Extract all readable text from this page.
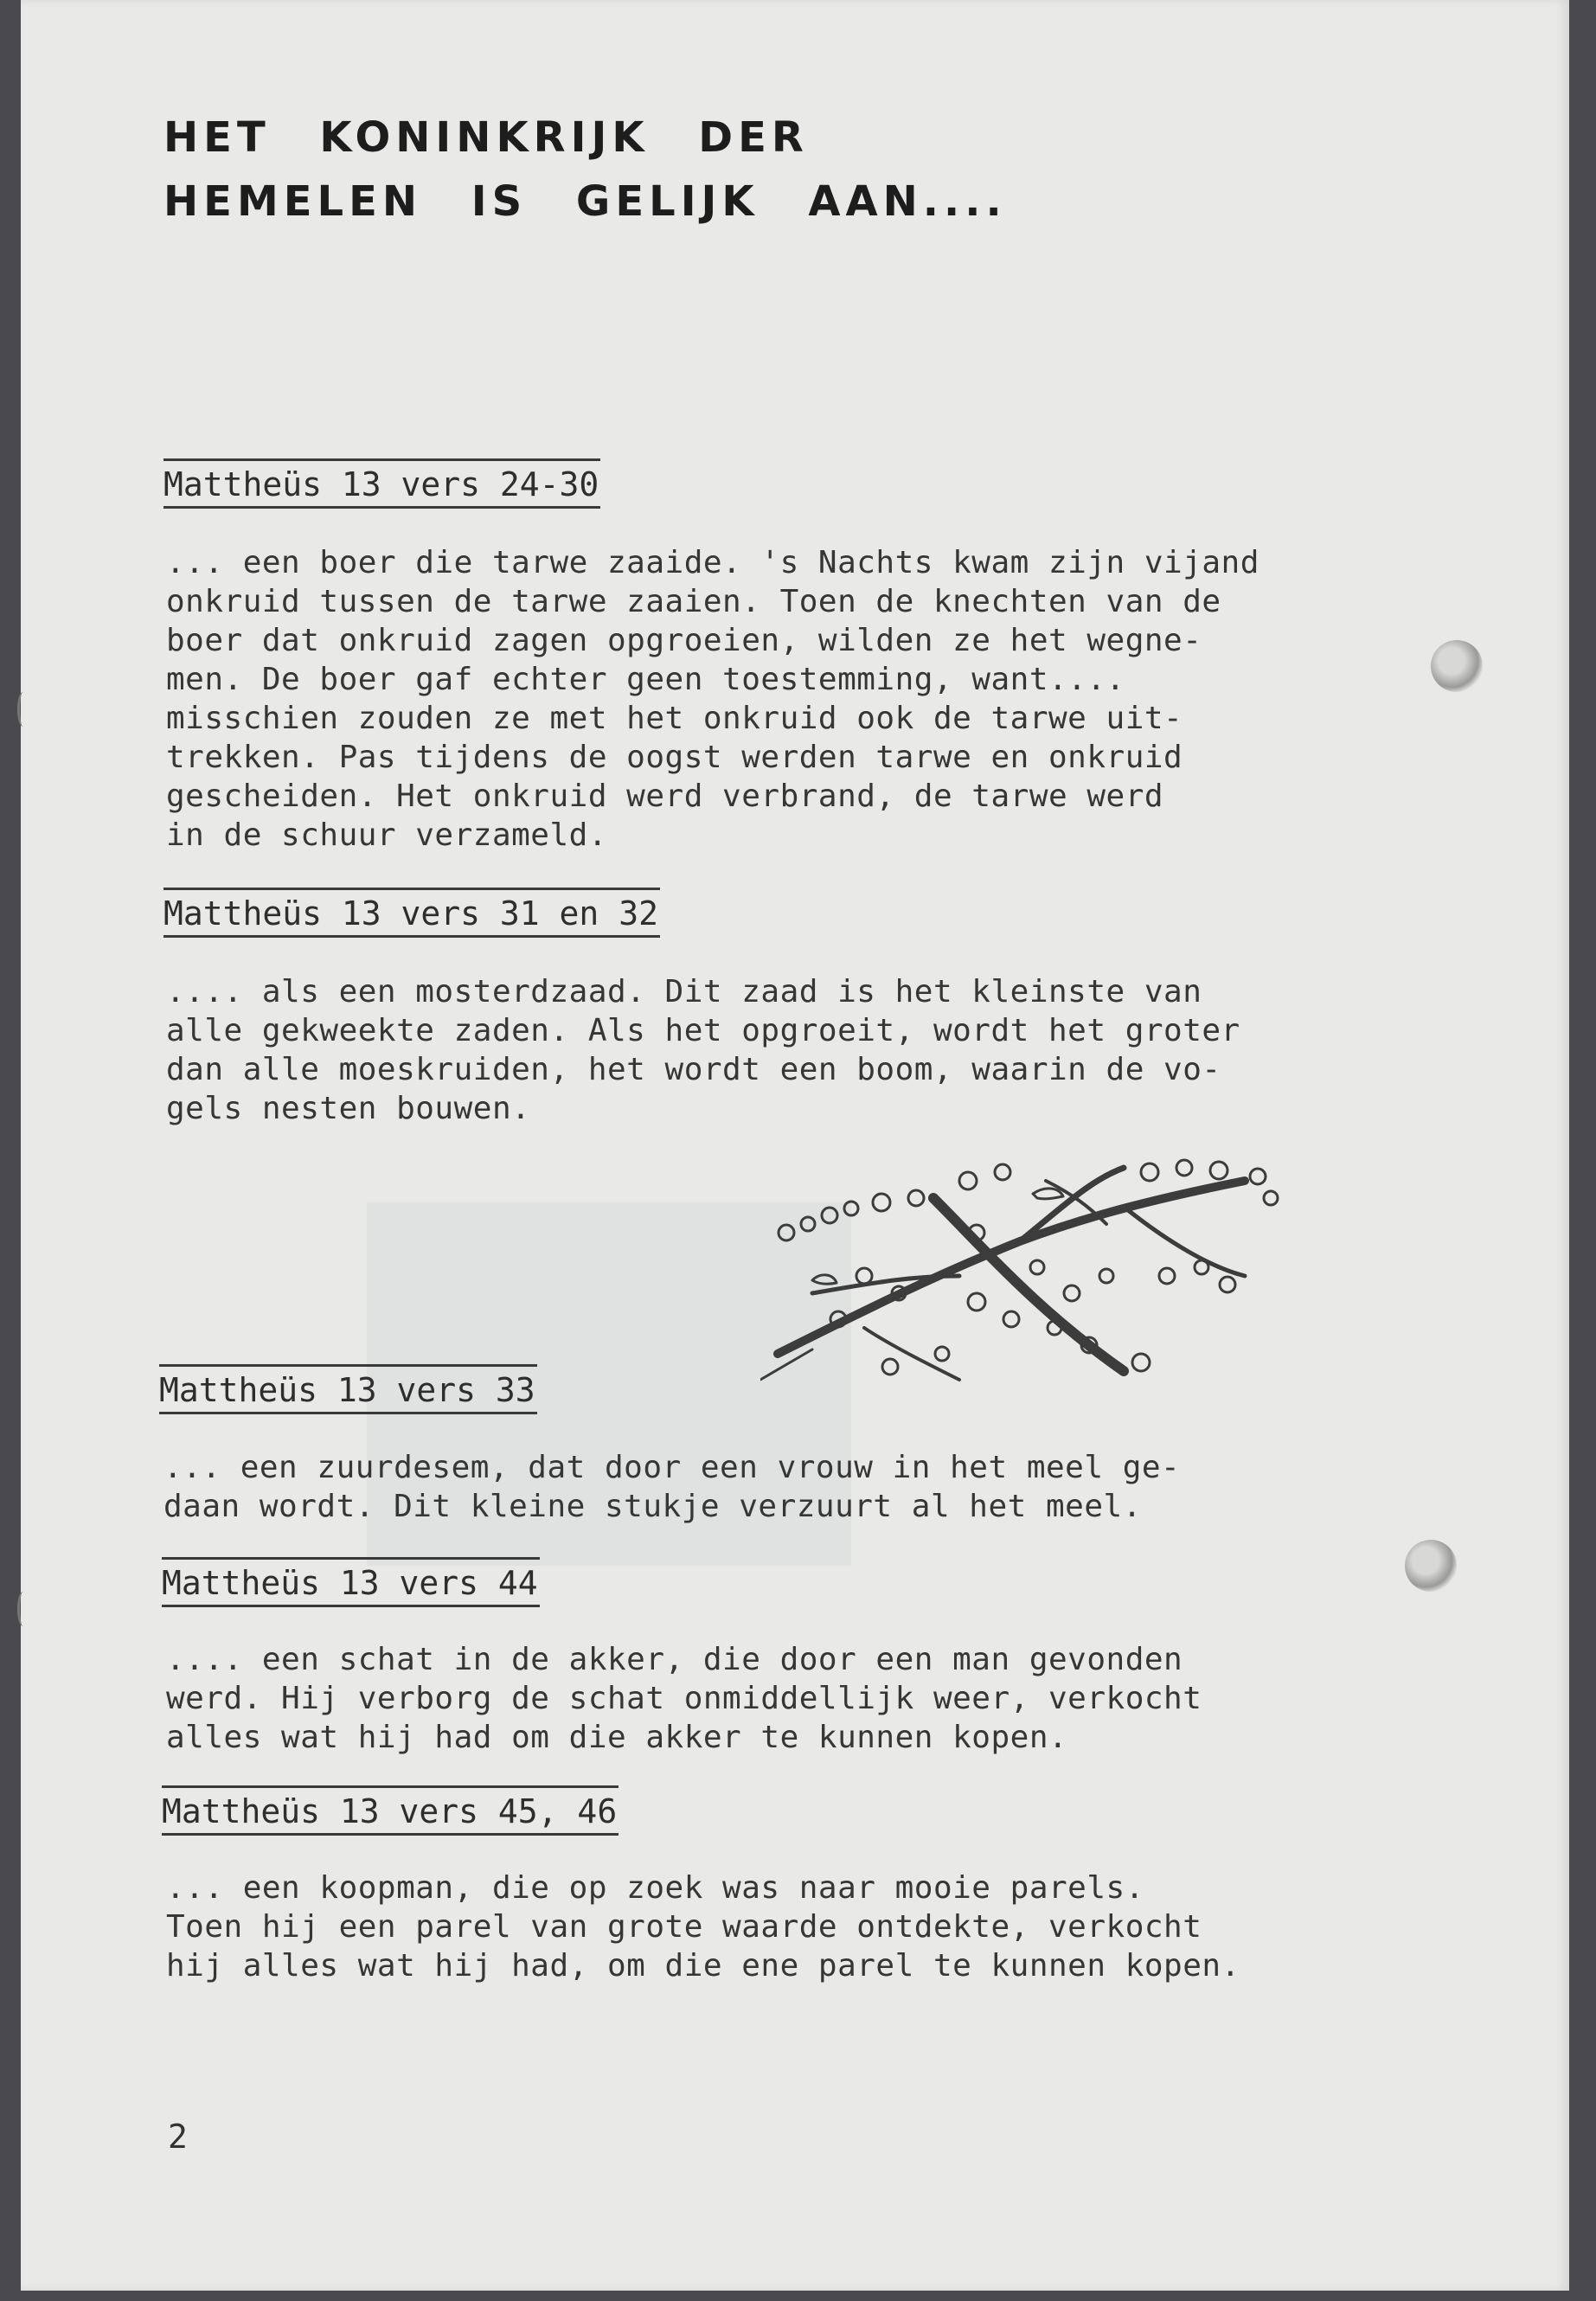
HET KONINKRIJK DER
HEMELEN IS GELIJK AAN....
Mattheüs 13 vers 24-30
... een boer die tarwe zaaide. 's Nachts kwam zijn vijand
onkruid tussen de tarwe zaaien. Toen de knechten van de
boer dat onkruid zagen opgroeien, wilden ze het wegne-
men. De boer gaf echter geen toestemming, want....
misschien zouden ze met het onkruid ook de tarwe uit-
trekken. Pas tijdens de oogst werden tarwe en onkruid
gescheiden. Het onkruid werd verbrand, de tarwe werd
in de schuur verzameld.
Mattheüs 13 vers 31 en 32
.... als een mosterdzaad. Dit zaad is het kleinste van
alle gekweekte zaden. Als het opgroeit, wordt het groter
dan alle moeskruiden, het wordt een boom, waarin de vo-
gels nesten bouwen.
Mattheüs 13 vers 33
... een zuurdesem, dat door een vrouw in het meel ge-
daan wordt. Dit kleine stukje verzuurt al het meel.
Mattheüs 13 vers 44
.... een schat in de akker, die door een man gevonden
werd. Hij verborg de schat onmiddellijk weer, verkocht
alles wat hij had om die akker te kunnen kopen.
Mattheüs 13 vers 45, 46
... een koopman, die op zoek was naar mooie parels.
Toen hij een parel van grote waarde ontdekte, verkocht
hij alles wat hij had, om die ene parel te kunnen kopen.
2
